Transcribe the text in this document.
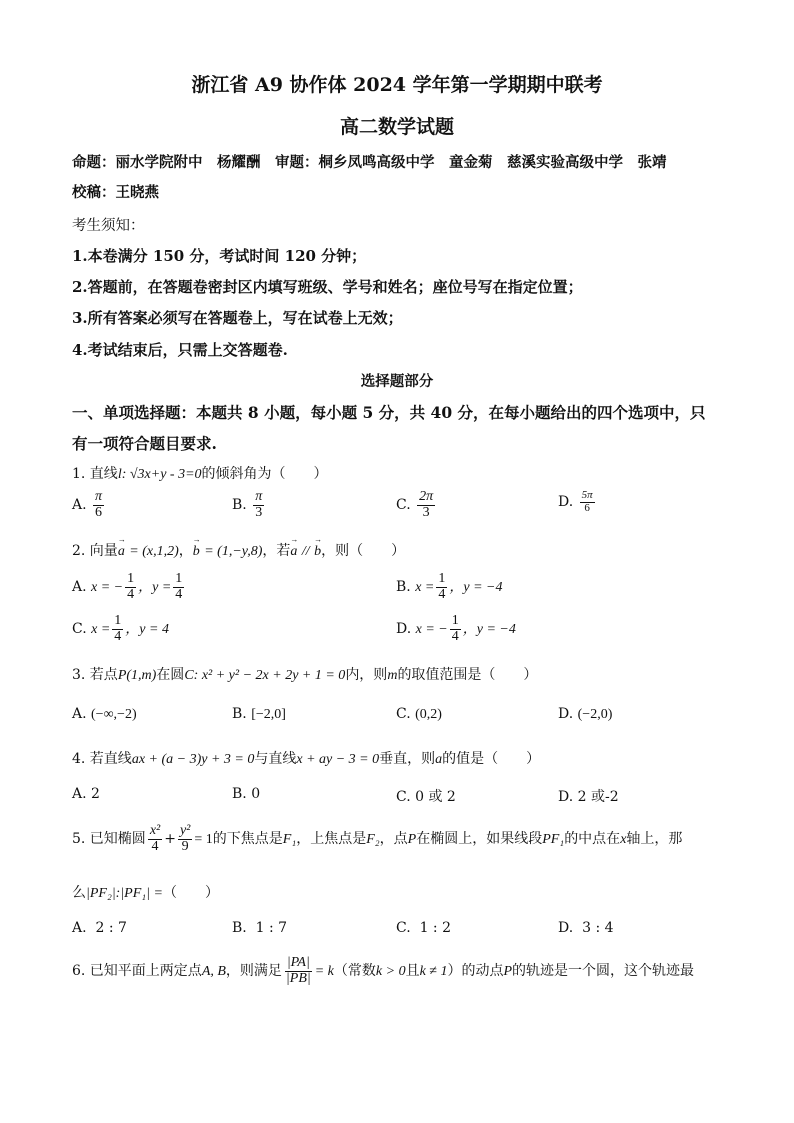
浙江省 A9 协作体 2024 学年第一学期期中联考
高二数学试题
命题：丽水学院附中　杨耀酬　审题：桐乡凤鸣高级中学　童金菊　慈溪实验高级中学　张靖
校稿：王晓燕
考生须知：
1.本卷满分 150 分，考试时间 120 分钟；
2.答题前，在答题卷密封区内填写班级、学号和姓名；座位号写在指定位置；
3.所有答案必须写在答题卷上，写在试卷上无效；
4.考试结束后，只需上交答题卷.
选择题部分
一、单项选择题：本题共 8 小题，每小题 5 分，共 40 分，在每小题给出的四个选项中，只
有一项符合题目要求.
1. 直线l: √3x+y - 3=0的倾斜角为（　　）
A. $\frac{\pi}{6}$	B. $\frac{\pi}{3}$	C. $\frac{2\pi}{3}$	D. $\frac{5\pi}{6}$
2. 向量→ a = (x,1,2)，→ b = (1,−y,8)，若→ a // → b，则（　　）
A. x = − $\frac{1}{4}$ ，$y = \frac{1}{4}$	B. $x = \frac{1}{4}$ ，y = −4
C. $x = \frac{1}{4}$ ，y = 4	D. x = − $\frac{1}{4}$ ，y = −4
3. 若点P(1,m)在圆C: x² + y² − 2x + 2y + 1 = 0内，则m的取值范围是（　　）
A. (−∞,−2)	B. [−2,0]	C. (0,2)	D. (−2,0)
4. 若直线ax + (a − 3)y + 3 = 0与直线x + ay − 3 = 0垂直，则a的值是（　　）
A. 2	B. 0	C. 0 或 2	D. 2 或-2
5. 已知椭圆 $\frac{\text{x²}}{4} + \frac{\text{y²}}{9} = 1$的下焦点是F₁，上焦点是F₂，点P在椭圆上，如果线段PF₁的中点在x轴上，那
么|PF₂|:|PF₁| =（　　）
A. 2 : 7	B. 1 : 7	C. 1 : 2	D. 3 : 4
6. 已知平面上两定点A, B，则满足 $\frac{|PA|}{|PB|} = k$（常数k > 0且k ≠ 1）的动点P的轨迹是一个圆，这个轨迹最
